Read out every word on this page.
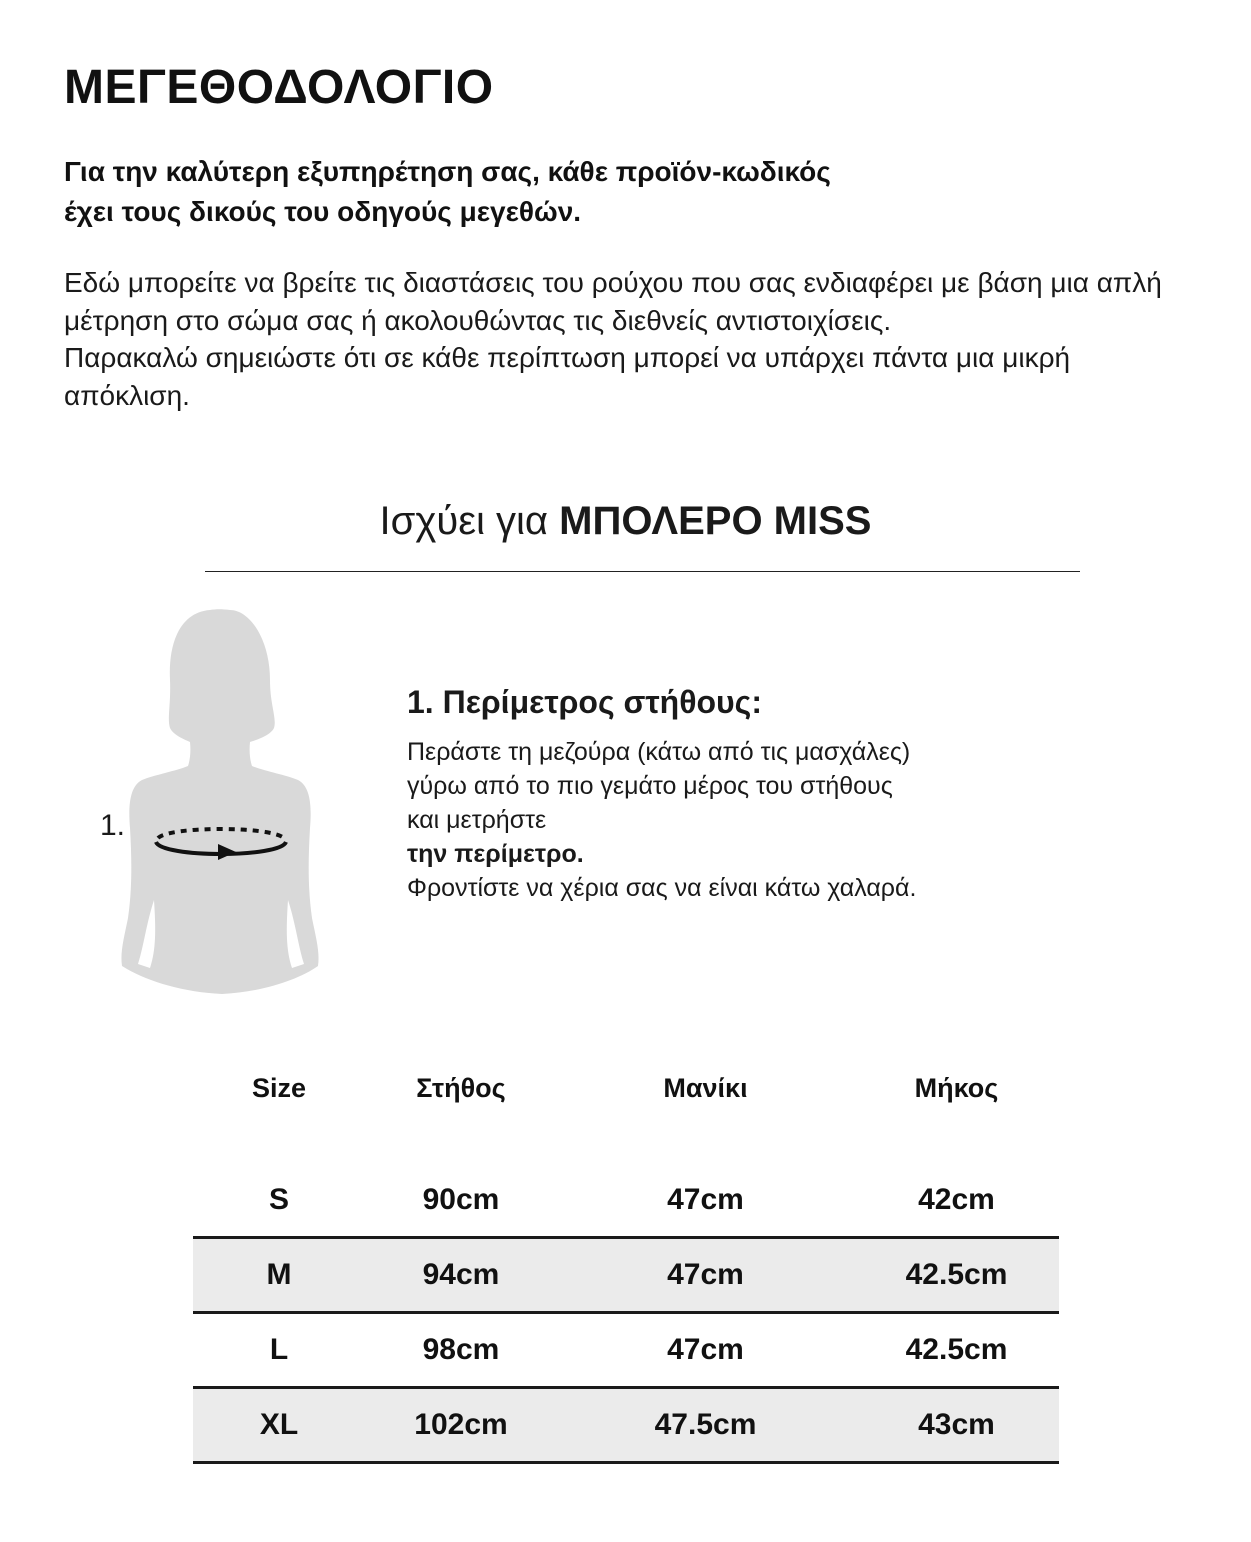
ΜΕΓΕΘΟΔΟΛΟΓΙΟ
Για την καλύτερη εξυπηρέτηση σας, κάθε προϊόν-κωδικός
έχει τους δικούς του οδηγούς μεγεθών.

Εδώ μπορείτε να βρείτε τις διαστάσεις του ρούχου που σας ενδιαφέρει με βάση μια απλή μέτρηση στο σώμα σας ή ακολουθώντας τις διεθνείς αντιστοιχίσεις.

Παρακαλώ σημειώστε ότι σε κάθε περίπτωση μπορεί να υπάρχει πάντα μια μικρή απόκλιση.

Ισχύει για ΜΠΟΛΕΡΟ MISS
1.
1. Περίμετρος στήθους:
Περάστε τη μεζούρα (κάτω από τις μασχάλες)
γύρω από το πιο γεμάτο μέρος του στήθους
και μετρήστε
την περίμετρο.
Φροντίστε να χέρια σας να είναι κάτω χαλαρά.
Size	Στήθος	Μανίκι	Μήκος

S	90cm	47cm	42cm
M	94cm	47cm	42.5cm
L	98cm	47cm	42.5cm
XL	102cm	47.5cm	43cm
